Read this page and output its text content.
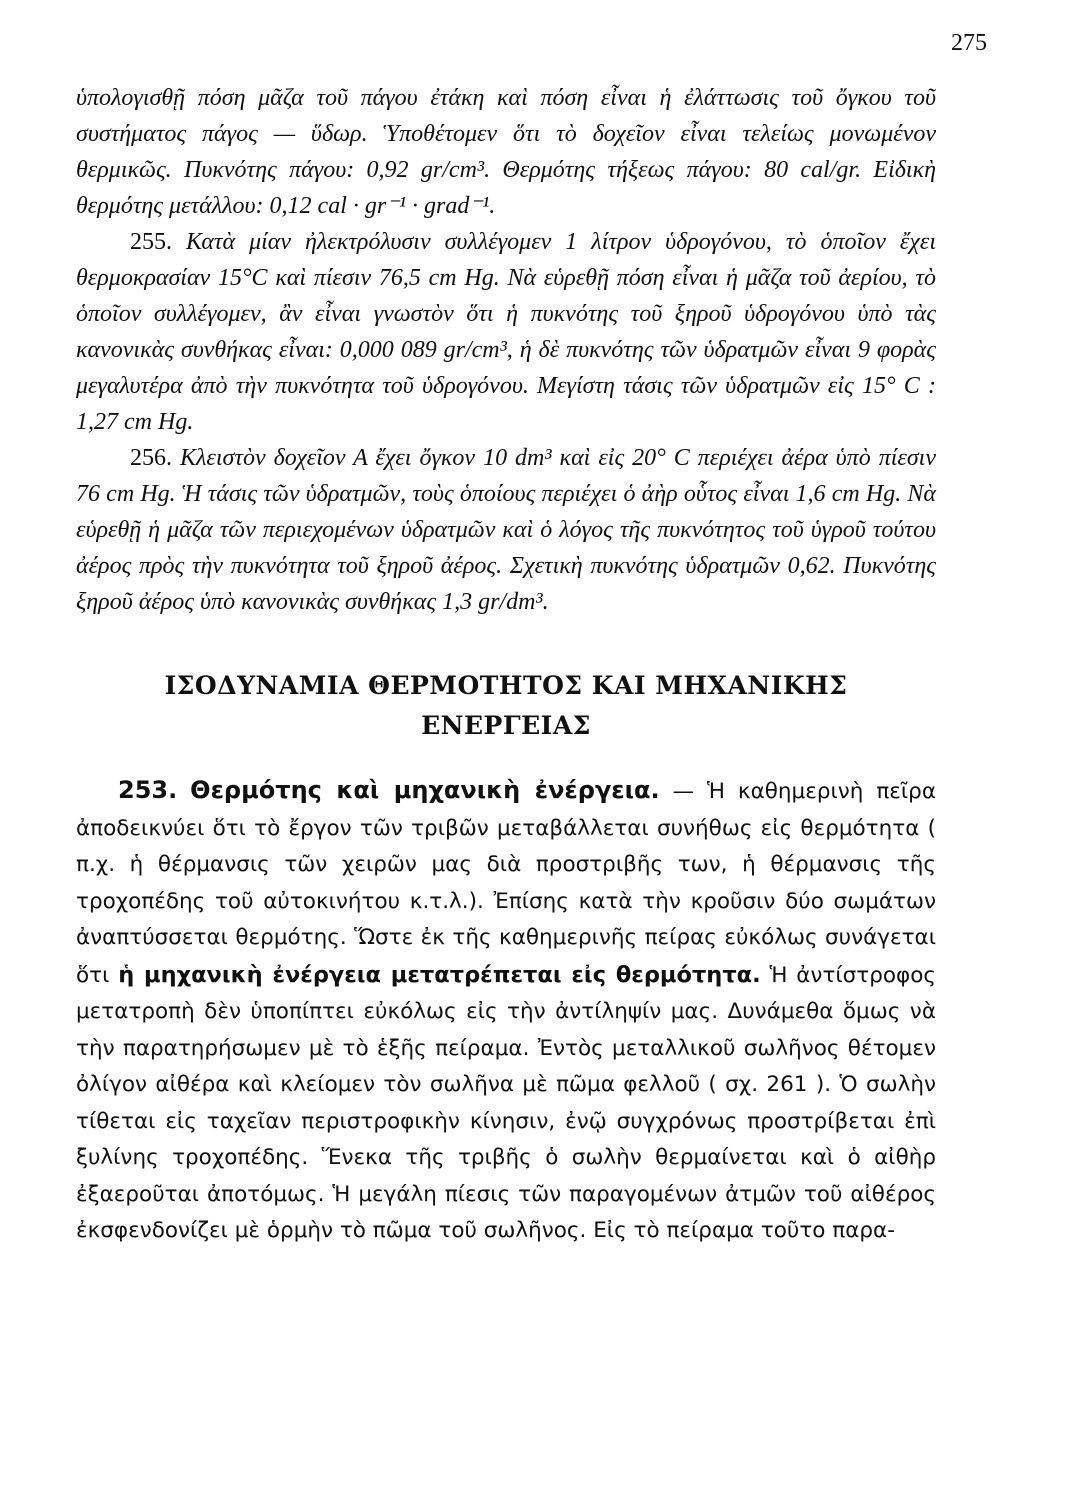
275

ὑπολογισθῇ πόση μᾶζα τοῦ πάγου ἐτάκη καὶ πόση εἶναι ἡ ἐλάττωσις τοῦ ὄγκου τοῦ συστήματος πάγος — ὕδωρ. Ὑποθέτομεν ὅτι τὸ δοχεῖον εἶναι τελείως μονωμένον θερμικῶς. Πυκνότης πάγου: 0,92 gr/cm³. Θερμότης τήξεως πάγου: 80 cal/gr. Εἰδικὴ θερμότης μετάλλου: 0,12 cal · gr⁻¹ · grad⁻¹.

255. Κατὰ μίαν ἠλεκτρόλυσιν συλλέγομεν 1 λίτρον ὑδρογόνου, τὸ ὁποῖον ἔχει θερμοκρασίαν 15°C καὶ πίεσιν 76,5 cm Hg. Νὰ εὑρεθῇ πόση εἶναι ἡ μᾶζα τοῦ ἀερίου, τὸ ὁποῖον συλλέγομεν, ἂν εἶναι γνωστὸν ὅτι ἡ πυκνότης τοῦ ξηροῦ ὑδρογόνου ὑπὸ τὰς κανονικὰς συνθήκας εἶναι: 0,000 089 gr/cm³, ἡ δὲ πυκνότης τῶν ὑδρατμῶν εἶναι 9 φορὰς μεγαλυτέρα ἀπὸ τὴν πυκνότητα τοῦ ὑδρογόνου. Μεγίστη τάσις τῶν ὑδρατμῶν εἰς 15° C : 1,27 cm Hg.

256. Κλειστὸν δοχεῖον Α ἔχει ὄγκον 10 dm³ καὶ εἰς 20° C περιέχει ἀέρα ὑπὸ πίεσιν 76 cm Hg. Ἡ τάσις τῶν ὑδρατμῶν, τοὺς ὁποίους περιέχει ὁ ἀὴρ οὗτος εἶναι 1,6 cm Hg. Νὰ εὑρεθῇ ἡ μᾶζα τῶν περιεχομένων ὑδρατμῶν καὶ ὁ λόγος τῆς πυκνότητος τοῦ ὑγροῦ τούτου ἀέρος πρὸς τὴν πυκνότητα τοῦ ξηροῦ ἀέρος. Σχετικὴ πυκνότης ὑδρατμῶν 0,62. Πυκνότης ξηροῦ ἀέρος ὑπὸ κανονικὰς συνθήκας 1,3 gr/dm³.

ΙΣΟΔΥΝΑΜΙΑ ΘΕΡΜΟΤΗΤΟΣ ΚΑΙ ΜΗΧΑΝΙΚΗΣ
ΕΝΕΡΓΕΙΑΣ
253. Θερμότης καὶ μηχανικὴ ἐνέργεια. — Ἡ καθημερινὴ πεῖρα ἀποδεικνύει ὅτι τὸ ἔργον τῶν τριβῶν μεταβάλλεται συνήθως εἰς θερμότητα ( π.χ. ἡ θέρμανσις τῶν χειρῶν μας διὰ προστριβῆς των, ἡ θέρμανσις τῆς τροχοπέδης τοῦ αὐτοκινήτου κ.τ.λ.). Ἐπίσης κατὰ τὴν κροῦσιν δύο σωμάτων ἀναπτύσσεται θερμότης. Ὥστε ἐκ τῆς καθημερινῆς πείρας εὐκόλως συνάγεται ὅτι ἡ μηχανικὴ ἐνέργεια μετατρέπεται εἰς θερμότητα. Ἡ ἀντίστροφος μετατροπὴ δὲν ὑποπίπτει εὐκόλως εἰς τὴν ἀντίληψίν μας. Δυνάμεθα ὅμως νὰ τὴν παρατηρήσωμεν μὲ τὸ ἑξῆς πείραμα. Ἐντὸς μεταλλικοῦ σωλῆνος θέτομεν ὀλίγον αἰθέρα καὶ κλείομεν τὸν σωλῆνα μὲ πῶμα φελλοῦ ( σχ. 261 ). Ὁ σωλὴν τίθεται εἰς ταχεῖαν περιστροφικὴν κίνησιν, ἐνῷ συγχρόνως προστρίβεται ἐπὶ ξυλίνης τροχοπέδης. Ἕνεκα τῆς τριβῆς ὁ σωλὴν θερμαίνεται καὶ ὁ αἰθὴρ ἐξαεροῦται ἀποτόμως. Ἡ μεγάλη πίεσις τῶν παραγομένων ἀτμῶν τοῦ αἰθέρος ἐκσφενδονίζει μὲ ὁρμὴν τὸ πῶμα τοῦ σωλῆνος. Εἰς τὸ πείραμα τοῦτο παρα-
